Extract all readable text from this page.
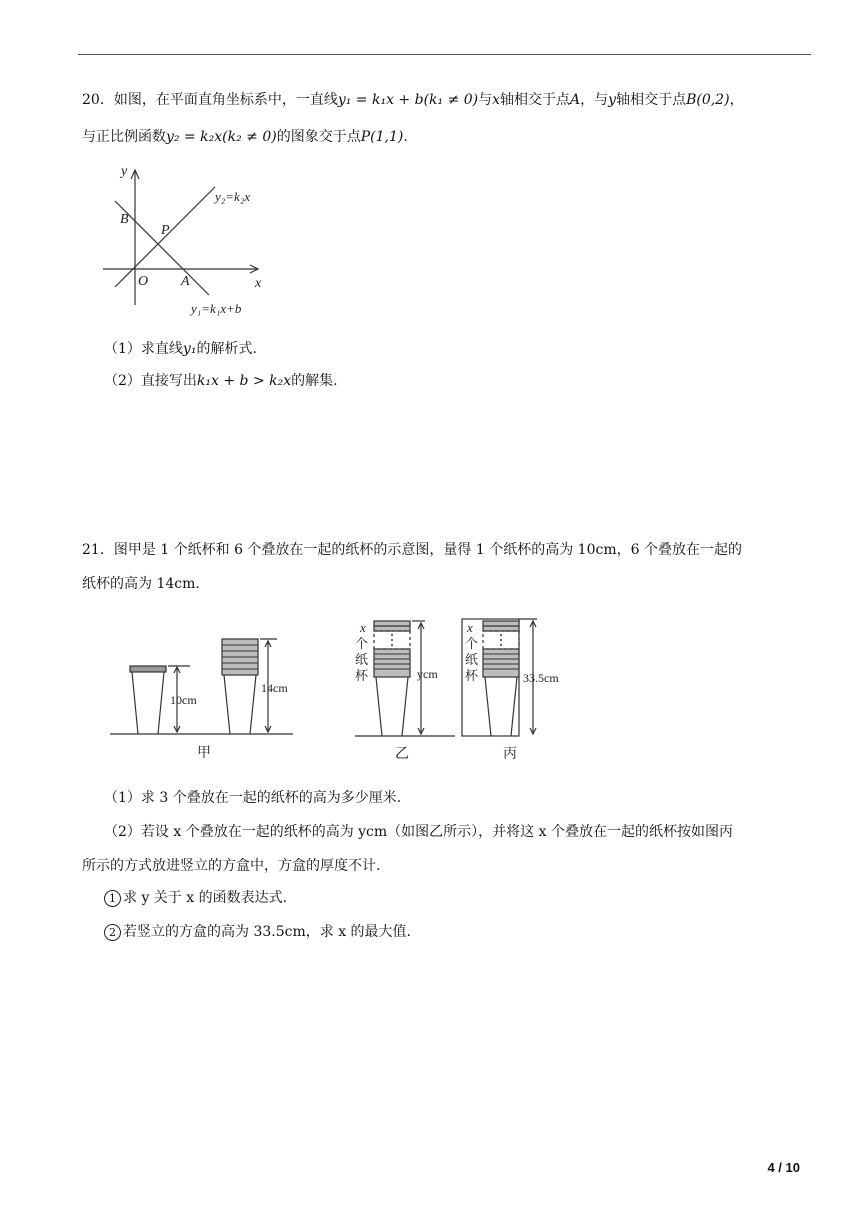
20．如图，在平面直角坐标系中，一直线y₁ = k₁x + b(k₁ ≠ 0)与x轴相交于点A，与y轴相交于点B(0,2)，
与正比例函数y₂ = k₂x(k₂ ≠ 0)的图象交于点P(1,1).
y
x
O
B
P
A
y₂=k₂x
y₁=k₁x+b
（1）求直线y₁的解析式.
（2）直接写出k₁x + b > k₂x的解集.
21．图甲是 1 个纸杯和 6 个叠放在一起的纸杯的示意图，量得 1 个纸杯的高为 10cm，6 个叠放在一起的
纸杯的高为 14cm.
10cm
14cm
甲
x
个
纸
杯	ycm
乙
x
个
纸
杯	33.5cm
丙
（1）求 3 个叠放在一起的纸杯的高为多少厘米.
（2）若设 x 个叠放在一起的纸杯的高为 ycm（如图乙所示），并将这 x 个叠放在一起的纸杯按如图丙
所示的方式放进竖立的方盒中，方盒的厚度不计.
1 求 y 关于 x 的函数表达式.
2 若竖立的方盒的高为 33.5cm，求 x 的最大值.
4 / 10
